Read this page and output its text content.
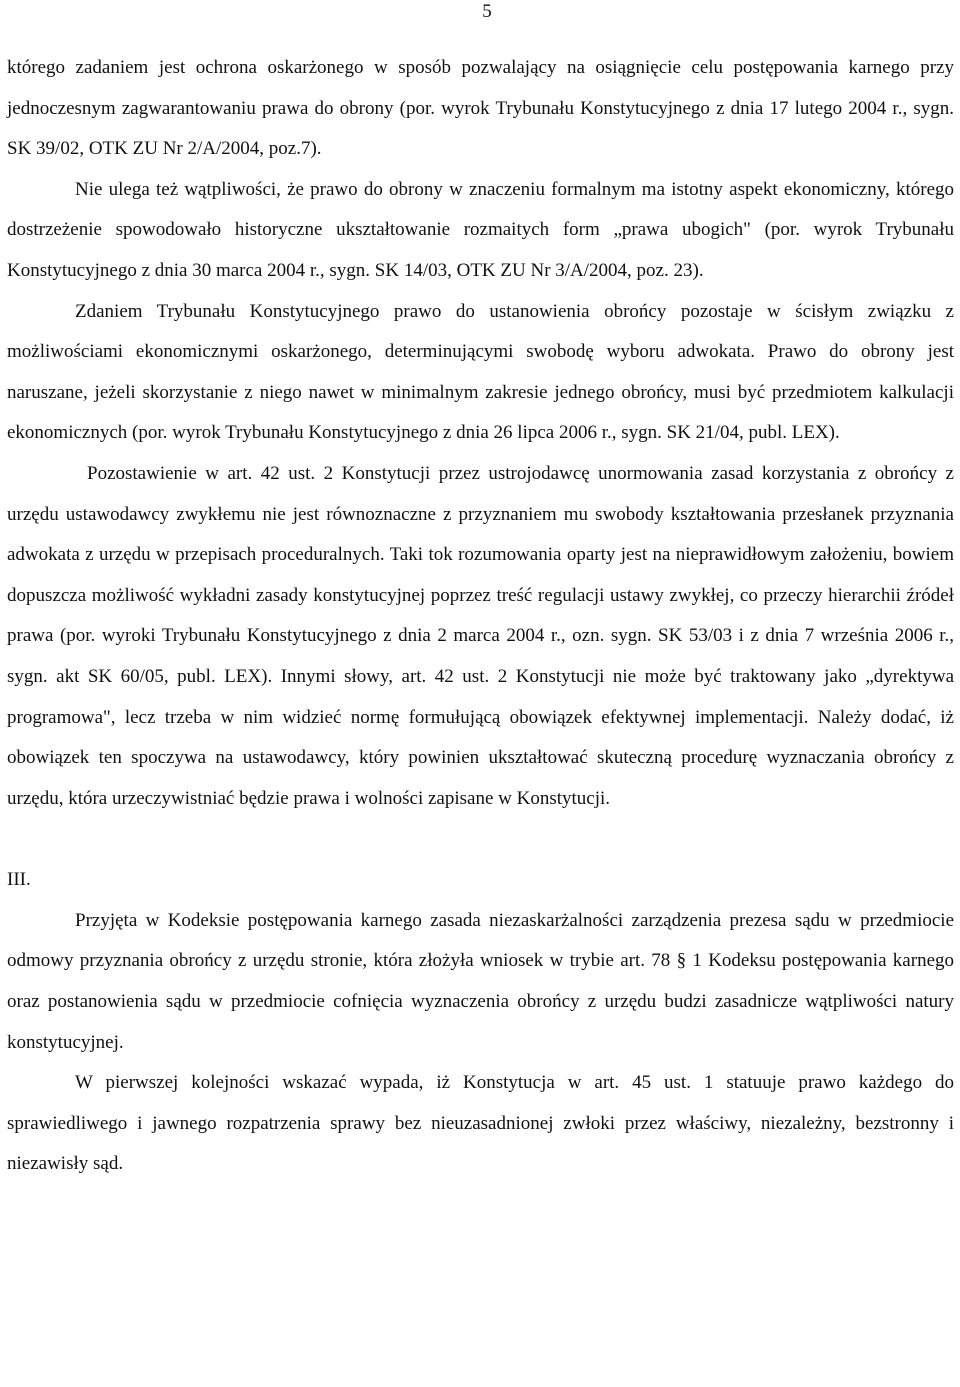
5

którego zadaniem jest ochrona oskarżonego w sposób pozwalający na osiągnięcie celu postępowania karnego przy jednoczesnym zagwarantowaniu prawa do obrony (por. wyrok Trybunału Konstytucyjnego z dnia 17 lutego 2004 r., sygn. SK 39/02, OTK ZU Nr 2/A/2004, poz.7).

Nie ulega też wątpliwości, że prawo do obrony w znaczeniu formalnym ma istotny aspekt ekonomiczny, którego dostrzeżenie spowodowało historyczne ukształtowanie rozmaitych form „prawa ubogich" (por. wyrok Trybunału Konstytucyjnego z dnia 30 marca 2004 r., sygn. SK 14/03, OTK ZU Nr 3/A/2004, poz. 23).

Zdaniem Trybunału Konstytucyjnego prawo do ustanowienia obrońcy pozostaje w ścisłym związku z możliwościami ekonomicznymi oskarżonego, determinującymi swobodę wyboru adwokata. Prawo do obrony jest naruszane, jeżeli skorzystanie z niego nawet w minimalnym zakresie jednego obrońcy, musi być przedmiotem kalkulacji ekonomicznych (por. wyrok Trybunału Konstytucyjnego z dnia 26 lipca 2006 r., sygn. SK 21/04, publ. LEX).

Pozostawienie w art. 42 ust. 2 Konstytucji przez ustrojodawcę unormowania zasad korzystania z obrońcy z urzędu ustawodawcy zwykłemu nie jest równoznaczne z przyznaniem mu swobody kształtowania przesłanek przyznania adwokata z urzędu w przepisach proceduralnych. Taki tok rozumowania oparty jest na nieprawidłowym założeniu, bowiem dopuszcza możliwość wykładni zasady konstytucyjnej poprzez treść regulacji ustawy zwykłej, co przeczy hierarchii źródeł prawa (por. wyroki Trybunału Konstytucyjnego z dnia 2 marca 2004 r., ozn. sygn. SK 53/03 i z dnia 7 września 2006 r., sygn. akt SK 60/05, publ. LEX). Innymi słowy, art. 42 ust. 2 Konstytucji nie może być traktowany jako „dyrektywa programowa", lecz trzeba w nim widzieć normę formułującą obowiązek efektywnej implementacji. Należy dodać, iż obowiązek ten spoczywa na ustawodawcy, który powinien ukształtować skuteczną procedurę wyznaczania obrońcy z urzędu, która urzeczywistniać będzie prawa i wolności zapisane w Konstytucji.

III.

Przyjęta w Kodeksie postępowania karnego zasada niezaskarżalności zarządzenia prezesa sądu w przedmiocie odmowy przyznania obrońcy z urzędu stronie, która złożyła wniosek w trybie art. 78 § 1 Kodeksu postępowania karnego oraz postanowienia sądu w przedmiocie cofnięcia wyznaczenia obrońcy z urzędu budzi zasadnicze wątpliwości natury konstytucyjnej.

W pierwszej kolejności wskazać wypada, iż Konstytucja w art. 45 ust. 1 statuuje prawo każdego do sprawiedliwego i jawnego rozpatrzenia sprawy bez nieuzasadnionej zwłoki przez właściwy, niezależny, bezstronny i niezawisły sąd.
